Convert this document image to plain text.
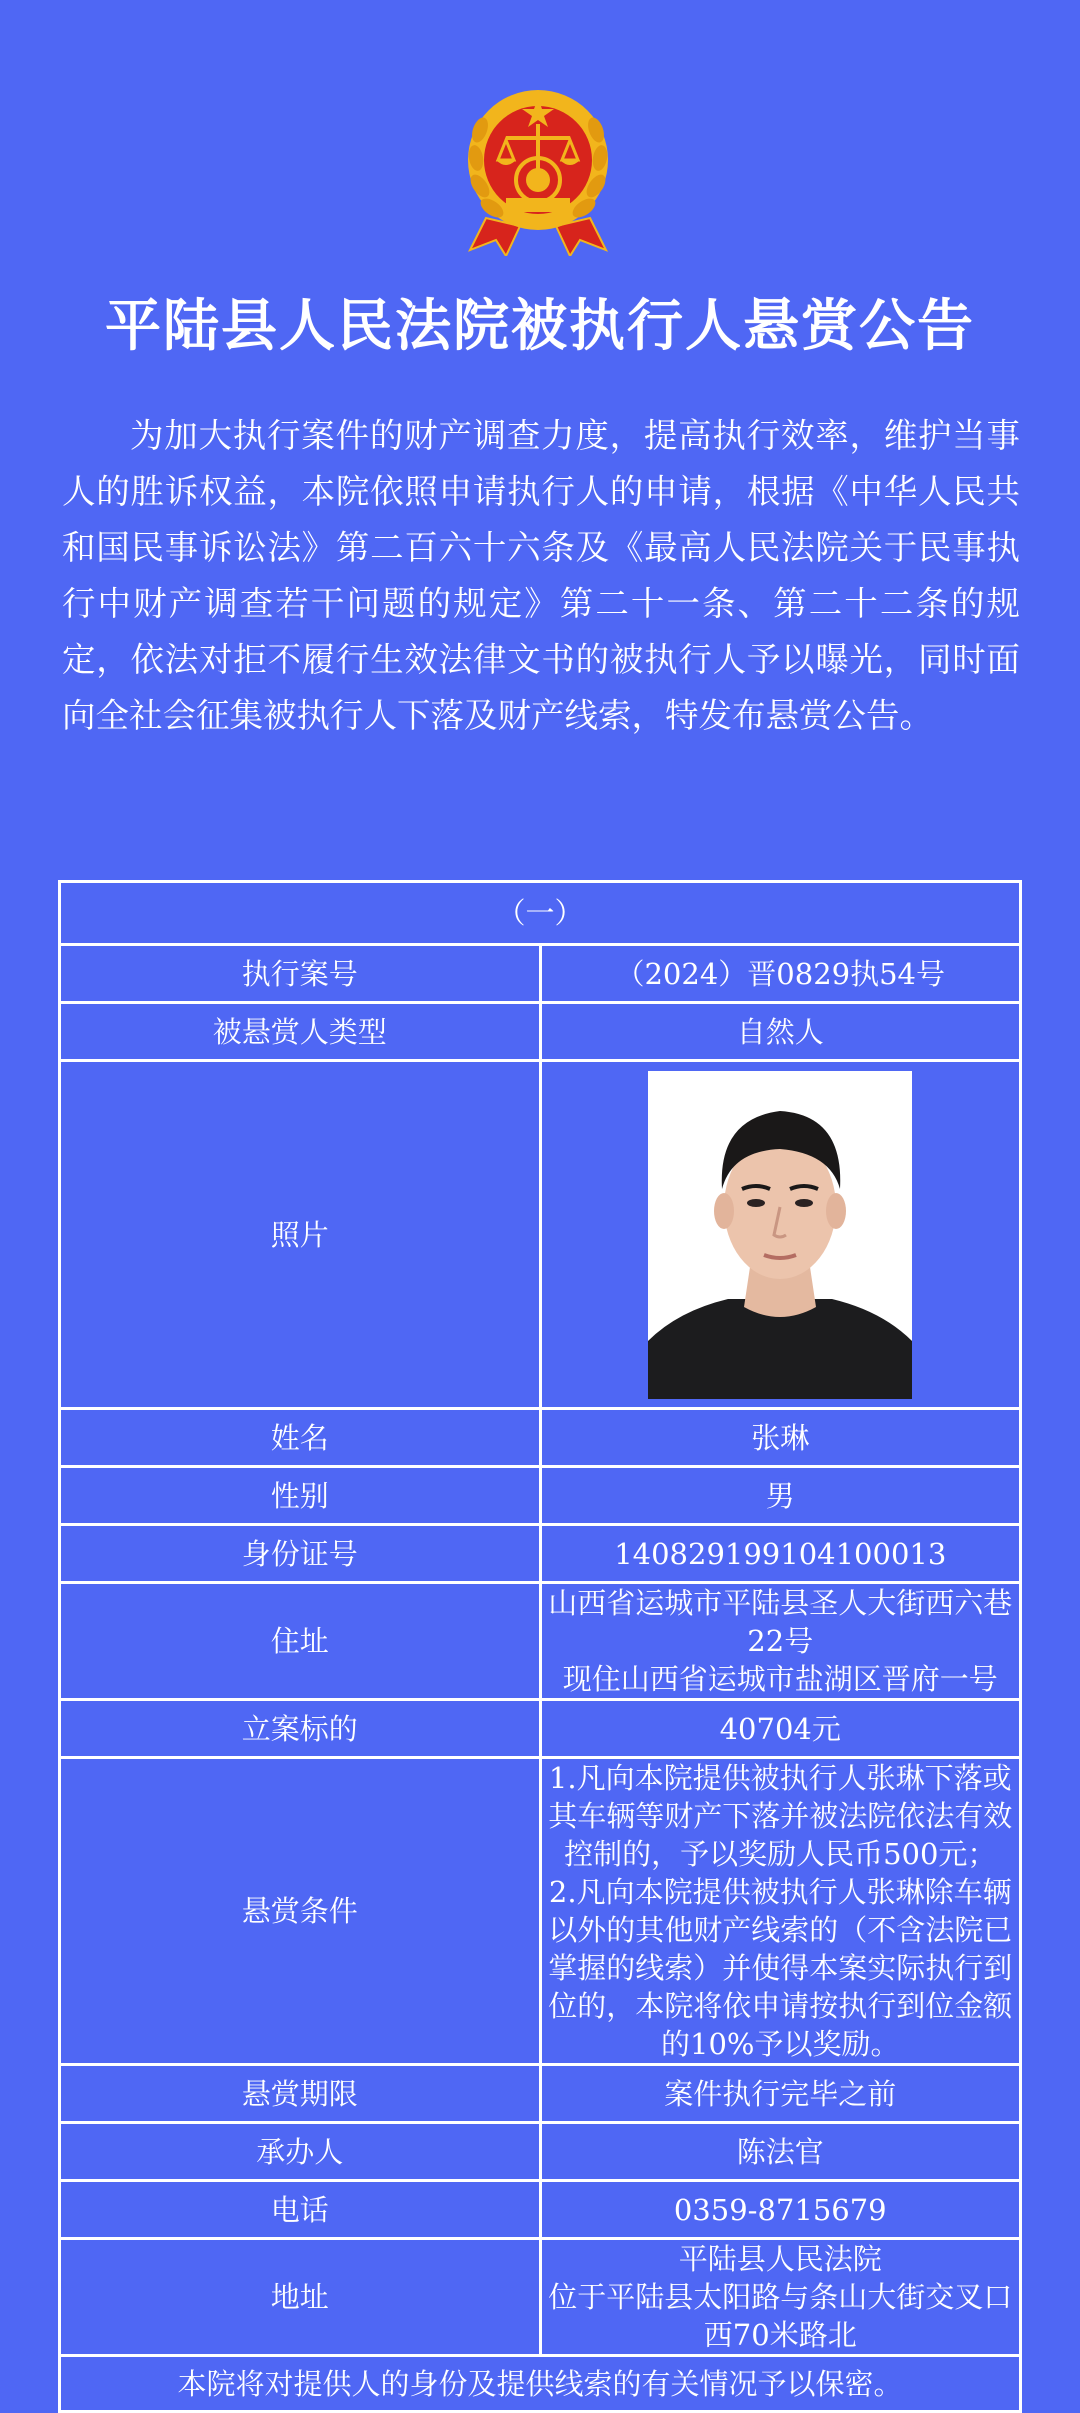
平陆县人民法院被执行人悬赏公告
为加大执行案件的财产调查力度，提高执行效率，维护当事人的胜诉权益，本院依照申请执行人的申请，根据《中华人民共和国民事诉讼法》第二百六十六条及《最高人民法院关于民事执行中财产调查若干问题的规定》第二十一条、第二十二条的规定，依法对拒不履行生效法律文书的被执行人予以曝光，同时面向全社会征集被执行人下落及财产线索，特发布悬赏公告。
（一）	
执行案号	（2024）晋0829执54号
被悬赏人类型	自然人
照片	

姓名	张琳
性别	男
身份证号	140829199104100013
住址	山西省运城市平陆县圣人大街西六巷22号
现住山西省运城市盐湖区晋府一号

立案标的	40704元
悬赏条件	1.凡向本院提供被执行人张琳下落或其车辆等财产下落并被法院依法有效控制的，予以奖励人民币500元；
2.凡向本院提供被执行人张琳除车辆以外的其他财产线索的（不含法院已掌握的线索）并使得本案实际执行到位的，本院将依申请按执行到位金额的10%予以奖励。

悬赏期限	案件执行完毕之前
承办人	陈法官
电话	0359-8715679
地址	平陆县人民法院
位于平陆县太阳路与条山大街交叉口西70米路北

本院将对提供人的身份及提供线索的有关情况予以保密。	
